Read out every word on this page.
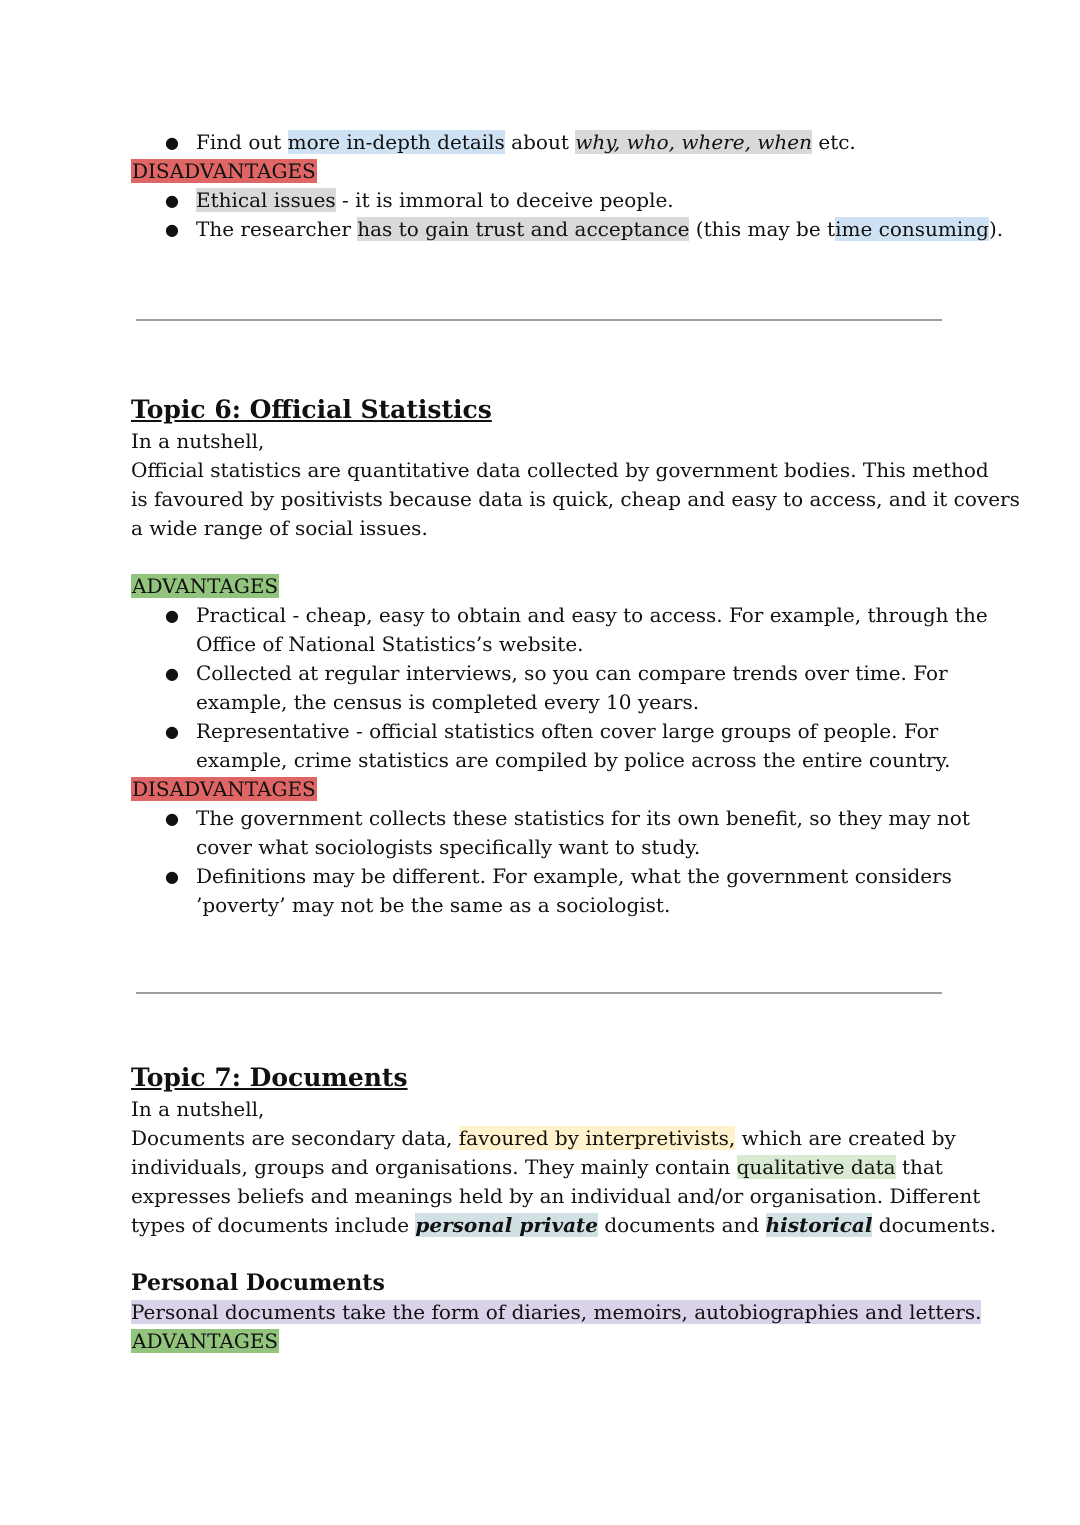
● Find out more in-depth details about why, who, where, when etc.
DISADVANTAGES
● Ethical issues - it is immoral to deceive people.
● The researcher has to gain trust and acceptance (this may be time consuming).
Topic 6: Official Statistics
In a nutshell,
Official statistics are quantitative data collected by government bodies. This method
is favoured by positivists because data is quick, cheap and easy to access, and it covers
a wide range of social issues.
ADVANTAGES
● Practical - cheap, easy to obtain and easy to access. For example, through the
Office of National Statistics’s website.
● Collected at regular interviews, so you can compare trends over time. For
example, the census is completed every 10 years.
● Representative - official statistics often cover large groups of people. For
example, crime statistics are compiled by police across the entire country.
DISADVANTAGES
● The government collects these statistics for its own benefit, so they may not
cover what sociologists specifically want to study.
● Definitions may be different. For example, what the government considers
’poverty’ may not be the same as a sociologist.
Topic 7: Documents
In a nutshell,
Documents are secondary data, favoured by interpretivists, which are created by
individuals, groups and organisations. They mainly contain qualitative data that
expresses beliefs and meanings held by an individual and/or organisation. Different
types of documents include personal private documents and historical documents.
Personal Documents
Personal documents take the form of diaries, memoirs, autobiographies and letters.
ADVANTAGES
